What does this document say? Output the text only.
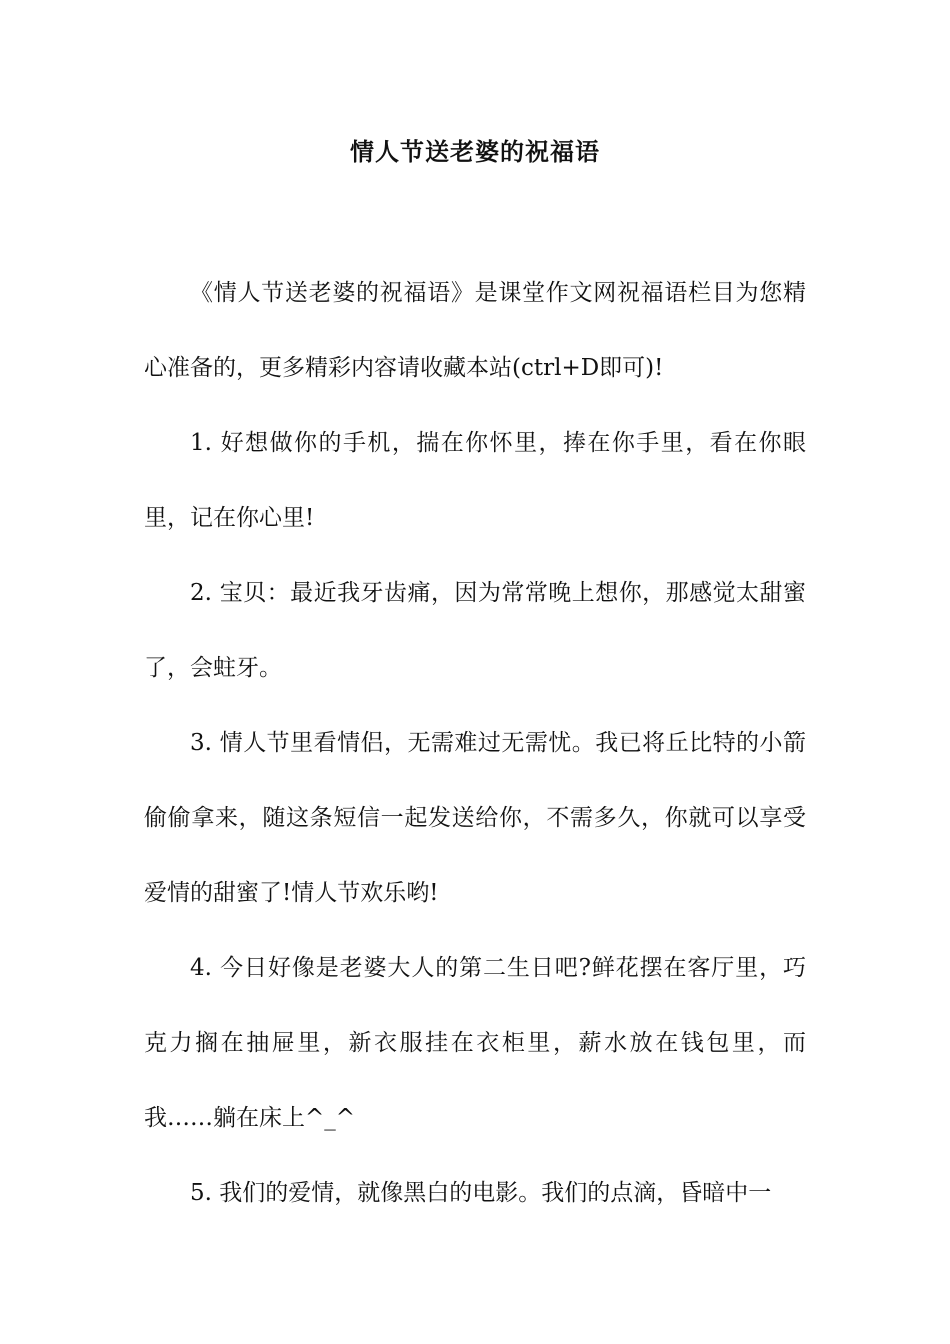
情人节送老婆的祝福语

《情人节送老婆的祝福语》是课堂作文网祝福语栏目为您精心准备的，更多精彩内容请收藏本站(ctrl+D即可)!

1. 好想做你的手机，揣在你怀里，捧在你手里，看在你眼里，记在你心里!

2. 宝贝：最近我牙齿痛，因为常常晚上想你，那感觉太甜蜜了，会蛀牙。

3. 情人节里看情侣，无需难过无需忧。我已将丘比特的小箭偷偷拿来，随这条短信一起发送给你，不需多久，你就可以享受爱情的甜蜜了!情人节欢乐哟!

4. 今日好像是老婆大人的第二生日吧?鲜花摆在客厅里，巧克力搁在抽屉里，新衣服挂在衣柜里，薪水放在钱包里，而我……躺在床上^_^

5. 我们的爱情，就像黑白的电影。我们的点滴，昏暗中一
